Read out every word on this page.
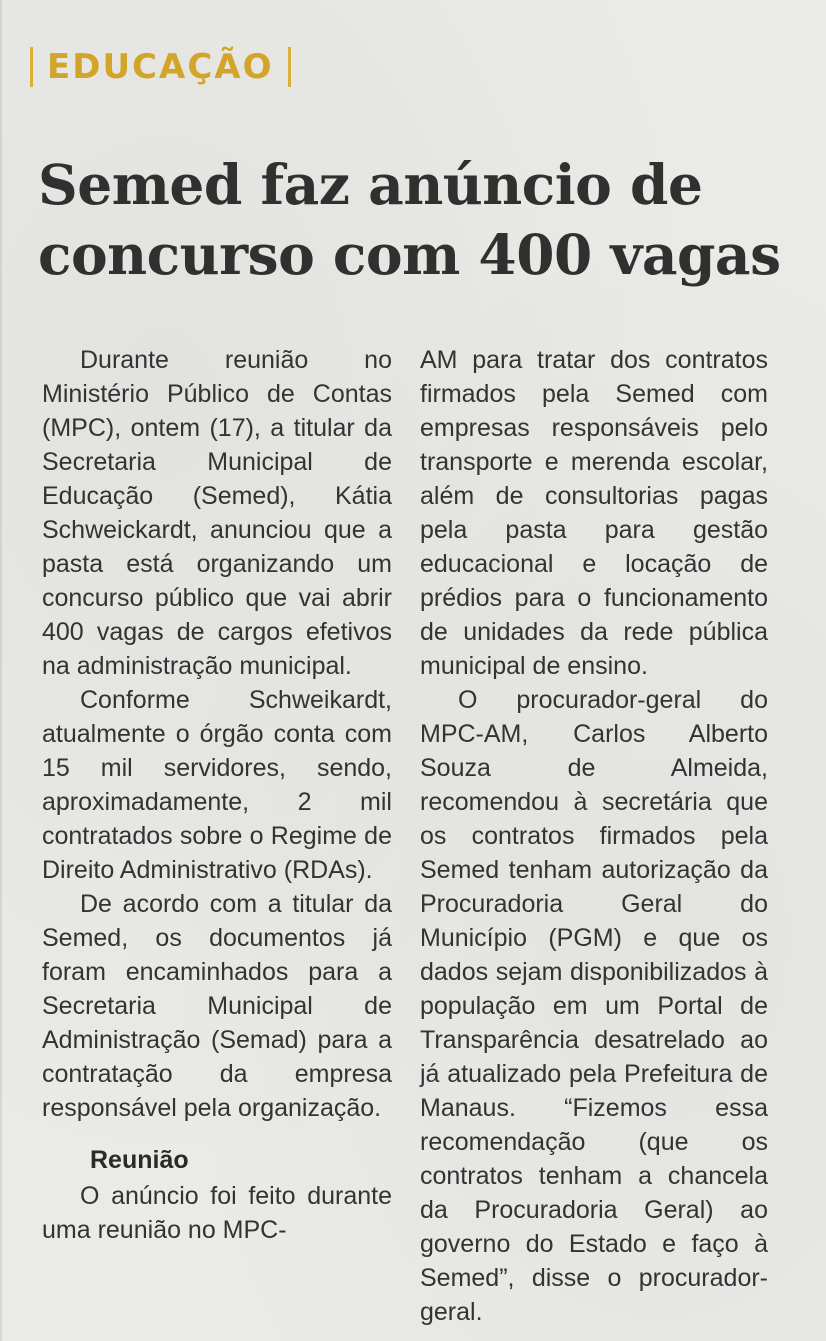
EDUCAÇÃO
Semed faz anúncio de concurso com 400 vagas

Durante reunião no Ministério Público de Contas (MPC), ontem (17), a titular da Secretaria Municipal de Educação (Semed), Kátia Schweickardt, anunciou que a pasta está organizando um concurso público que vai abrir 400 vagas de cargos efetivos na administração municipal.

Conforme Schweikardt, atualmente o órgão conta com 15 mil servidores, sendo, aproximadamente, 2 mil contratados sobre o Regime de Direito Administrativo (RDAs).

De acordo com a titular da Semed, os documentos já foram encaminhados para a Secretaria Municipal de Administração (Semad) para a contratação da empresa responsável pela organização.

Reunião

O anúncio foi feito durante uma reunião no MPC-

AM para tratar dos contratos firmados pela Semed com empresas responsáveis pelo transporte e merenda escolar, além de consultorias pagas pela pasta para gestão educacional e locação de prédios para o funcionamento de unidades da rede pública municipal de ensino.

O procurador-geral do MPC-AM, Carlos Alberto Souza de Almeida, recomendou à secretária que os contratos firmados pela Semed tenham autorização da Procuradoria Geral do Município (PGM) e que os dados sejam disponibilizados à população em um Portal de Transparência desatrelado ao já atualizado pela Prefeitura de Manaus. “Fizemos essa recomendação (que os contratos tenham a chancela da Procuradoria Geral) ao governo do Estado e faço à Semed”, disse o procurador-geral.
